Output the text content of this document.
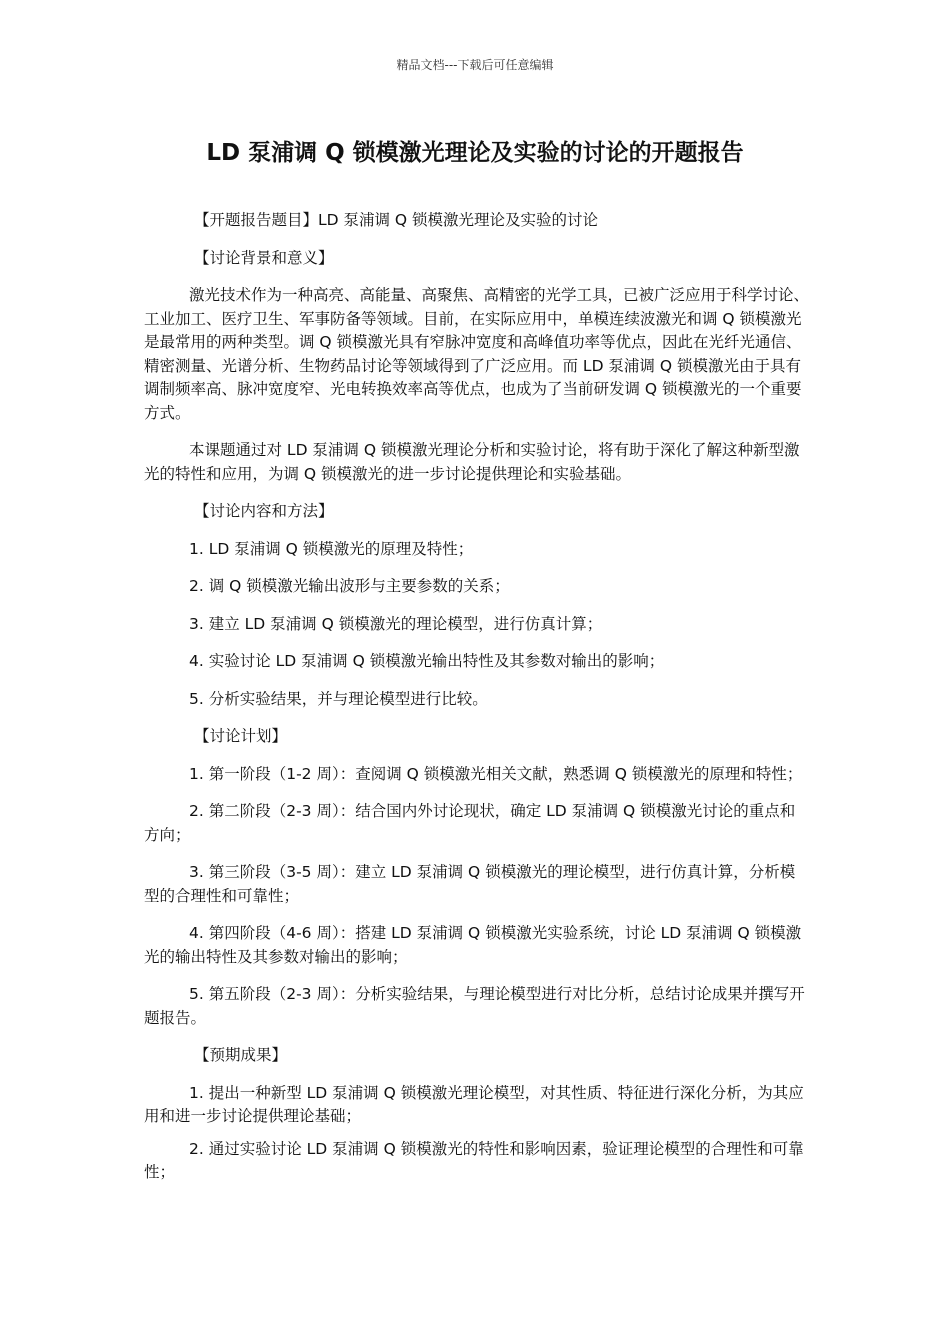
精品文档---下载后可任意编辑
LD 泵浦调 Q 锁模激光理论及实验的讨论的开题报告

【开题报告题目】LD 泵浦调 Q 锁模激光理论及实验的讨论

【讨论背景和意义】

激光技术作为一种高亮、高能量、高聚焦、高精密的光学工具，已被广泛应用于科学讨论、工业加工、医疗卫生、军事防备等领域。目前，在实际应用中，单模连续波激光和调 Q 锁模激光是最常用的两种类型。调 Q 锁模激光具有窄脉冲宽度和高峰值功率等优点，因此在光纤光通信、精密测量、光谱分析、生物药品讨论等领域得到了广泛应用。而 LD 泵浦调 Q 锁模激光由于具有调制频率高、脉冲宽度窄、光电转换效率高等优点，也成为了当前研发调 Q 锁模激光的一个重要方式。

本课题通过对 LD 泵浦调 Q 锁模激光理论分析和实验讨论，将有助于深化了解这种新型激光的特性和应用，为调 Q 锁模激光的进一步讨论提供理论和实验基础。

【讨论内容和方法】

1. LD 泵浦调 Q 锁模激光的原理及特性；

2. 调 Q 锁模激光输出波形与主要参数的关系；

3. 建立 LD 泵浦调 Q 锁模激光的理论模型，进行仿真计算；

4. 实验讨论 LD 泵浦调 Q 锁模激光输出特性及其参数对输出的影响；

5. 分析实验结果，并与理论模型进行比较。

【讨论计划】

1. 第一阶段（1-2 周）：查阅调 Q 锁模激光相关文献，熟悉调 Q 锁模激光的原理和特性；

2. 第二阶段（2-3 周）：结合国内外讨论现状，确定 LD 泵浦调 Q 锁模激光讨论的重点和方向；

3. 第三阶段（3-5 周）：建立 LD 泵浦调 Q 锁模激光的理论模型，进行仿真计算，分析模型的合理性和可靠性；

4. 第四阶段（4-6 周）：搭建 LD 泵浦调 Q 锁模激光实验系统，讨论 LD 泵浦调 Q 锁模激光的输出特性及其参数对输出的影响；

5. 第五阶段（2-3 周）：分析实验结果，与理论模型进行对比分析，总结讨论成果并撰写开题报告。

【预期成果】

1. 提出一种新型 LD 泵浦调 Q 锁模激光理论模型，对其性质、特征进行深化分析，为其应用和进一步讨论提供理论基础；

2. 通过实验讨论 LD 泵浦调 Q 锁模激光的特性和影响因素，验证理论模型的合理性和可靠性；
